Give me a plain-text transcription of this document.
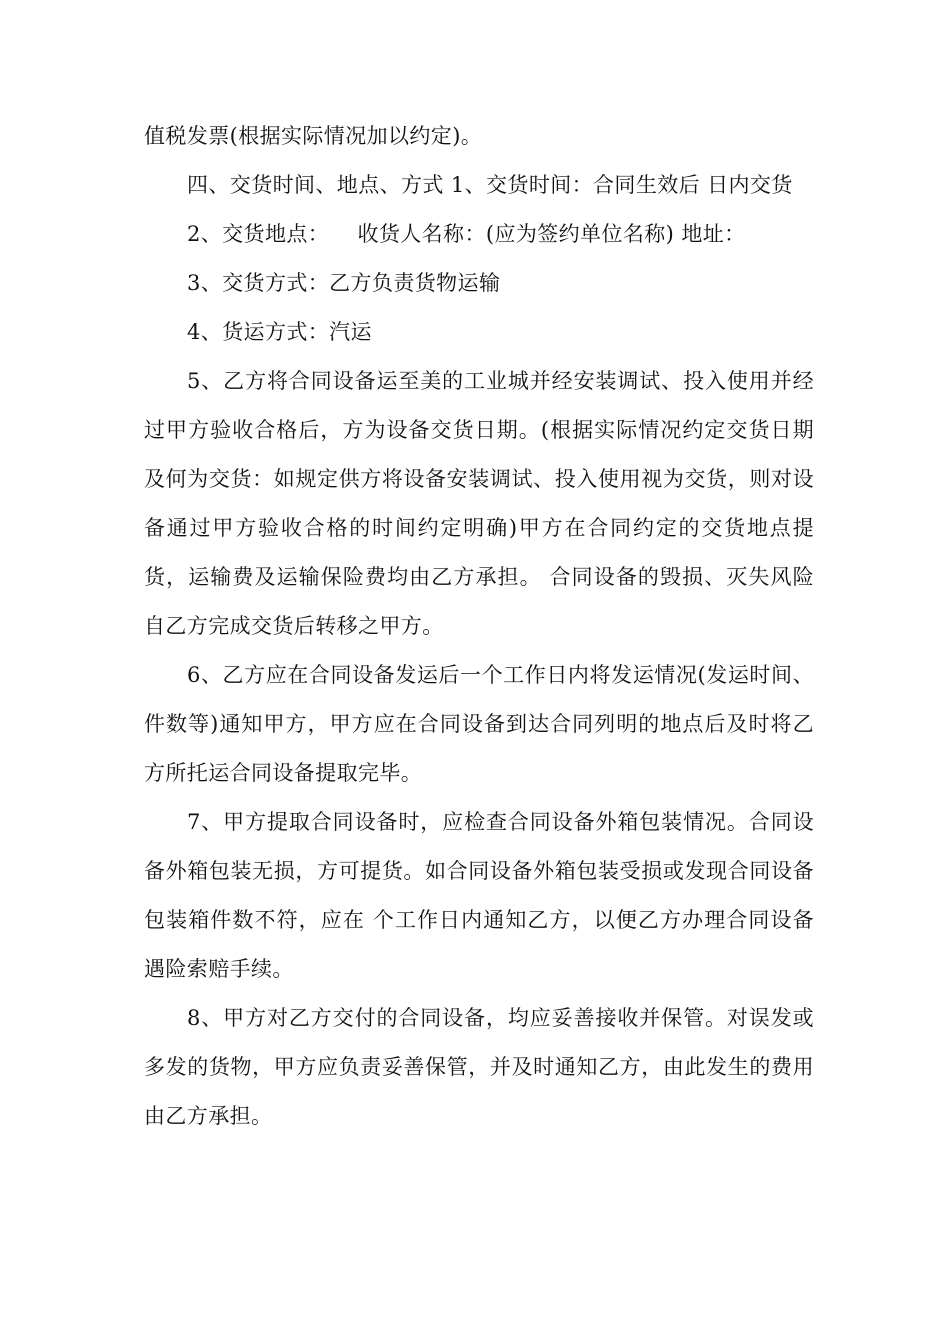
值税发票(根据实际情况加以约定)。

四、交货时间、地点、方式 1、交货时间：合同生效后 日内交货

2、交货地点：    收货人名称：(应为签约单位名称) 地址：

3、交货方式：乙方负责货物运输

4、货运方式：汽运

5、乙方将合同设备运至美的工业城并经安装调试、投入使用并经过甲方验收合格后，方为设备交货日期。(根据实际情况约定交货日期及何为交货：如规定供方将设备安装调试、投入使用视为交货，则对设备通过甲方验收合格的时间约定明确)甲方在合同约定的交货地点提货，运输费及运输保险费均由乙方承担。 合同设备的毁损、灭失风险自乙方完成交货后转移之甲方。

6、乙方应在合同设备发运后一个工作日内将发运情况(发运时间、件数等)通知甲方，甲方应在合同设备到达合同列明的地点后及时将乙方所托运合同设备提取完毕。

7、甲方提取合同设备时，应检查合同设备外箱包装情况。合同设备外箱包装无损，方可提货。如合同设备外箱包装受损或发现合同设备包装箱件数不符，应在 个工作日内通知乙方，以便乙方办理合同设备遇险索赔手续。

8、甲方对乙方交付的合同设备，均应妥善接收并保管。对误发或多发的货物，甲方应负责妥善保管，并及时通知乙方，由此发生的费用由乙方承担。
